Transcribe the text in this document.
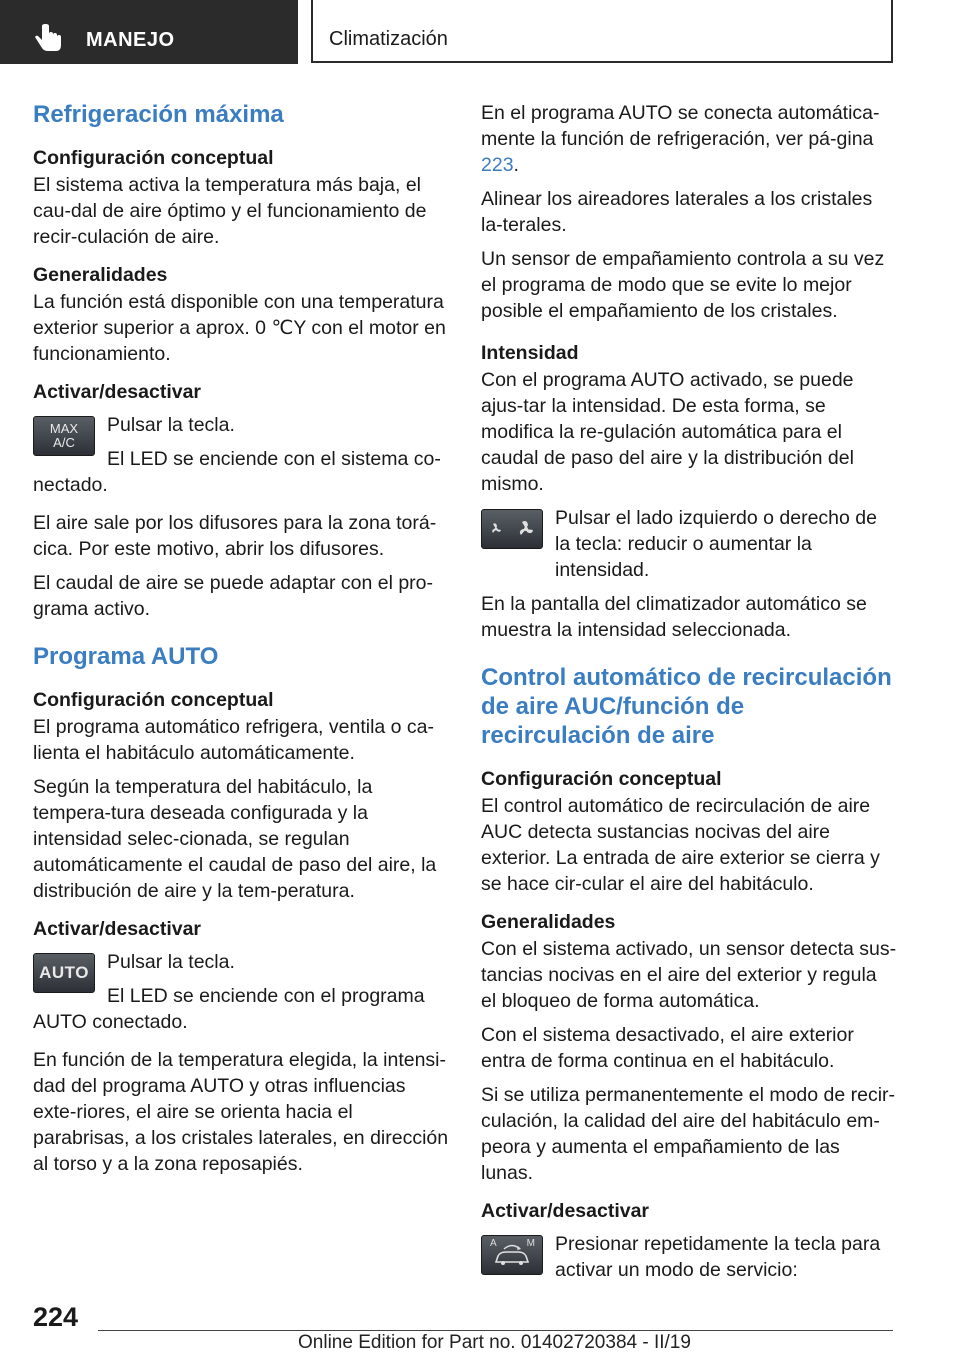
MANEJO	Climatización
Refrigeración máxima
Configuración conceptual

El sistema activa la temperatura más baja, el cau-dal de aire óptimo y el funcionamiento de recir-culación de aire.

Generalidades

La función está disponible con una temperatura exterior superior a aprox. 0 ℃Y con el motor en funcionamiento.

Activar/desactivar
MAX
A/C

Pulsar la tecla.

El LED se enciende con el sistema co-

nectado.

El aire sale por los difusores para la zona torá-cica. Por este motivo, abrir los difusores.

El caudal de aire se puede adaptar con el pro-grama activo.

Programa AUTO
Configuración conceptual

El programa automático refrigera, ventila o ca-lienta el habitáculo automáticamente.

Según la temperatura del habitáculo, la tempera-tura deseada configurada y la intensidad selec-cionada, se regulan automáticamente el caudal de paso del aire, la distribución de aire y la tem-peratura.

Activar/desactivar
AUTO Pulsar la tecla.

El LED se enciende con el programa

AUTO conectado.

En función de la temperatura elegida, la intensi-dad del programa AUTO y otras influencias exte-riores, el aire se orienta hacia el parabrisas, a los cristales laterales, en dirección al torso y a la zona reposapiés.

En el programa AUTO se conecta automática-mente la función de refrigeración, ver pá-gina 223.

Alinear los aireadores laterales a los cristales la-terales.

Un sensor de empañamiento controla a su vez el programa de modo que se evite lo mejor posible el empañamiento de los cristales.

Intensidad

Con el programa AUTO activado, se puede ajus-tar la intensidad. De esta forma, se modifica la re-gulación automática para el caudal de paso del aire y la distribución del mismo.

Pulsar el lado izquierdo o derecho de la tecla: reducir o aumentar la intensidad.

En la pantalla del climatizador automático se muestra la intensidad seleccionada.

Control automático de recirculación de aire AUC/función de recirculación de aire
Configuración conceptual

El control automático de recirculación de aire AUC detecta sustancias nocivas del aire exterior. La entrada de aire exterior se cierra y se hace cir-cular el aire del habitáculo.

Generalidades

Con el sistema activado, un sensor detecta sus-tancias nocivas en el aire del exterior y regula el bloqueo de forma automática.

Con el sistema desactivado, el aire exterior entra de forma continua en el habitáculo.

Si se utiliza permanentemente el modo de recir-culación, la calidad del aire del habitáculo em-peora y aumenta el empañamiento de las lunas.

Activar/desactivar
A	M Presionar repetidamente la tecla para activar un modo de servicio:

224
Online Edition for Part no. 01402720384 - II/19
